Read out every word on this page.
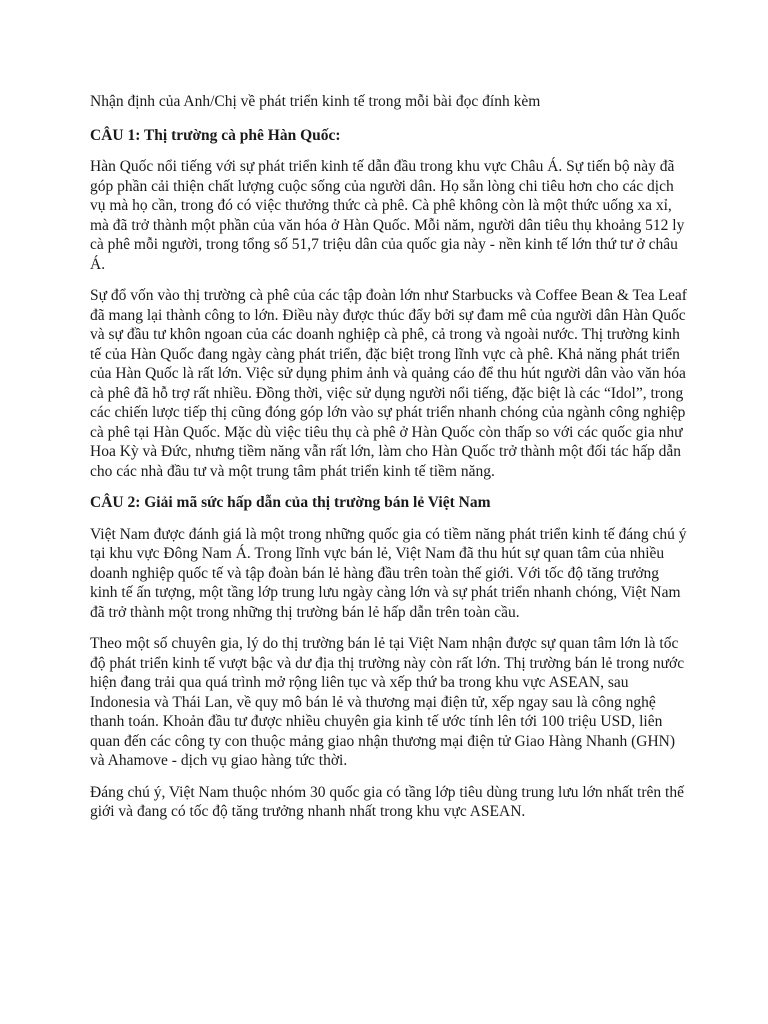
Nhận định của Anh/Chị về phát triển kinh tế trong mỗi bài đọc đính kèm

CÂU 1: Thị trường cà phê Hàn Quốc:

Hàn Quốc nổi tiếng với sự phát triển kinh tế dẫn đầu trong khu vực Châu Á. Sự tiến bộ này đã góp phần cải thiện chất lượng cuộc sống của người dân. Họ sẵn lòng chi tiêu hơn cho các dịch vụ mà họ cần, trong đó có việc thưởng thức cà phê. Cà phê không còn là một thức uống xa xỉ, mà đã trở thành một phần của văn hóa ở Hàn Quốc. Mỗi năm, người dân tiêu thụ khoảng 512 ly cà phê mỗi người, trong tổng số 51,7 triệu dân của quốc gia này - nền kinh tế lớn thứ tư ở châu Á.

Sự đổ vốn vào thị trường cà phê của các tập đoàn lớn như Starbucks và Coffee Bean & Tea Leaf đã mang lại thành công to lớn. Điều này được thúc đẩy bởi sự đam mê của người dân Hàn Quốc và sự đầu tư khôn ngoan của các doanh nghiệp cà phê, cả trong và ngoài nước. Thị trường kinh tế của Hàn Quốc đang ngày càng phát triển, đặc biệt trong lĩnh vực cà phê. Khả năng phát triển của Hàn Quốc là rất lớn. Việc sử dụng phim ảnh và quảng cáo để thu hút người dân vào văn hóa cà phê đã hỗ trợ rất nhiều. Đồng thời, việc sử dụng người nổi tiếng, đặc biệt là các “Idol”, trong các chiến lược tiếp thị cũng đóng góp lớn vào sự phát triển nhanh chóng của ngành công nghiệp cà phê tại Hàn Quốc. Mặc dù việc tiêu thụ cà phê ở Hàn Quốc còn thấp so với các quốc gia như Hoa Kỳ và Đức, nhưng tiềm năng vẫn rất lớn, làm cho Hàn Quốc trở thành một đối tác hấp dẫn cho các nhà đầu tư và một trung tâm phát triển kinh tế tiềm năng.

CÂU 2: Giải mã sức hấp dẫn của thị trường bán lẻ Việt Nam

Việt Nam được đánh giá là một trong những quốc gia có tiềm năng phát triển kinh tế đáng chú ý tại khu vực Đông Nam Á. Trong lĩnh vực bán lẻ, Việt Nam đã thu hút sự quan tâm của nhiều doanh nghiệp quốc tế và tập đoàn bán lẻ hàng đầu trên toàn thế giới. Với tốc độ tăng trưởng kinh tế ấn tượng, một tầng lớp trung lưu ngày càng lớn và sự phát triển nhanh chóng, Việt Nam đã trở thành một trong những thị trường bán lẻ hấp dẫn trên toàn cầu.

Theo một số chuyên gia, lý do thị trường bán lẻ tại Việt Nam nhận được sự quan tâm lớn là tốc độ phát triển kinh tế vượt bậc và dư địa thị trường này còn rất lớn. Thị trường bán lẻ trong nước hiện đang trải qua quá trình mở rộng liên tục và xếp thứ ba trong khu vực ASEAN, sau Indonesia và Thái Lan, về quy mô bán lẻ và thương mại điện tử, xếp ngay sau là công nghệ thanh toán. Khoản đầu tư được nhiều chuyên gia kinh tế ước tính lên tới 100 triệu USD, liên quan đến các công ty con thuộc mảng giao nhận thương mại điện tử Giao Hàng Nhanh (GHN) và Ahamove - dịch vụ giao hàng tức thời.

Đáng chú ý, Việt Nam thuộc nhóm 30 quốc gia có tầng lớp tiêu dùng trung lưu lớn nhất trên thế giới và đang có tốc độ tăng trưởng nhanh nhất trong khu vực ASEAN.
